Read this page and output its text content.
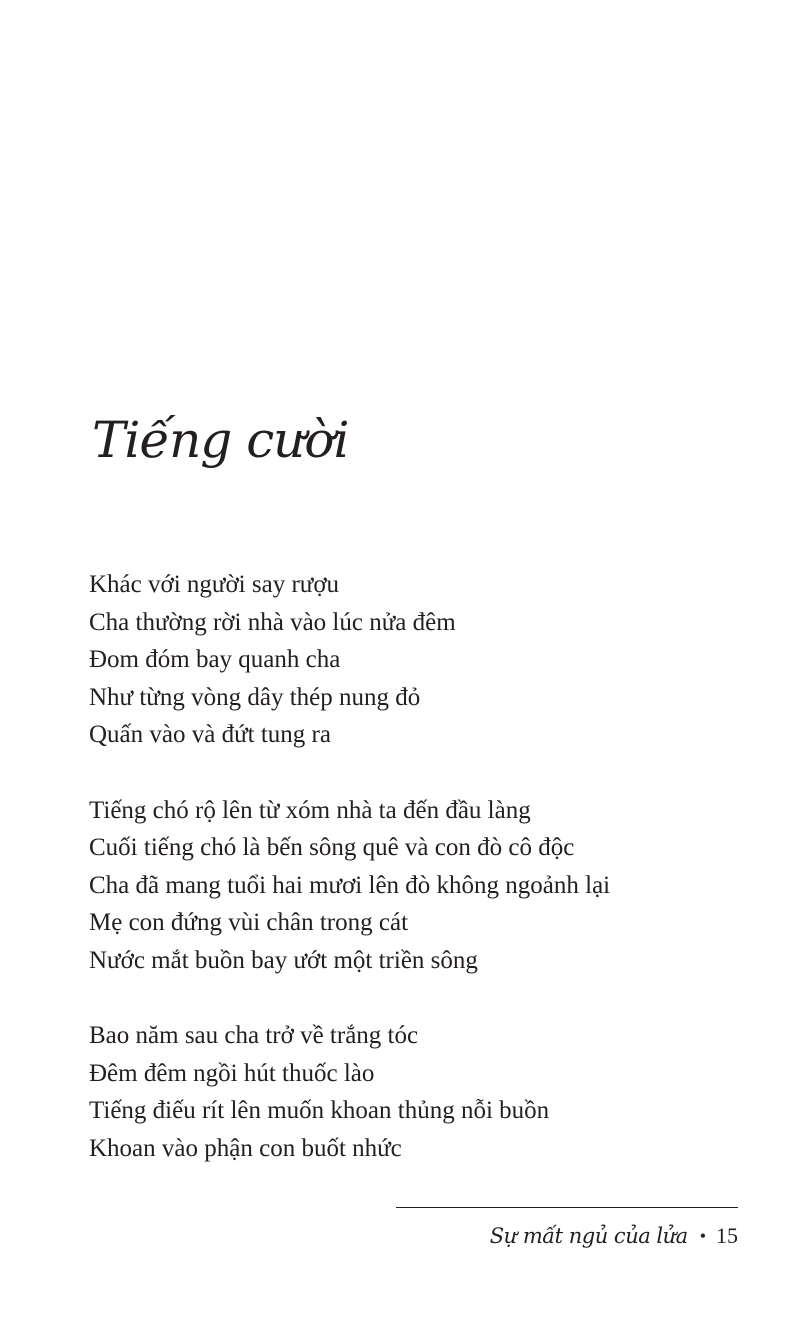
Tiếng cười
Khác với người say rượu
Cha thường rời nhà vào lúc nửa đêm
Đom đóm bay quanh cha
Như từng vòng dây thép nung đỏ
Quấn vào và đứt tung ra
Tiếng chó rộ lên từ xóm nhà ta đến đầu làng
Cuối tiếng chó là bến sông quê và con đò cô độc
Cha đã mang tuổi hai mươi lên đò không ngoảnh lại
Mẹ con đứng vùi chân trong cát
Nước mắt buồn bay ướt một triền sông
Bao năm sau cha trở về trắng tóc
Đêm đêm ngồi hút thuốc lào
Tiếng điếu rít lên muốn khoan thủng nỗi buồn
Khoan vào phận con buốt nhức
Sự mất ngủ của lửa • 15
